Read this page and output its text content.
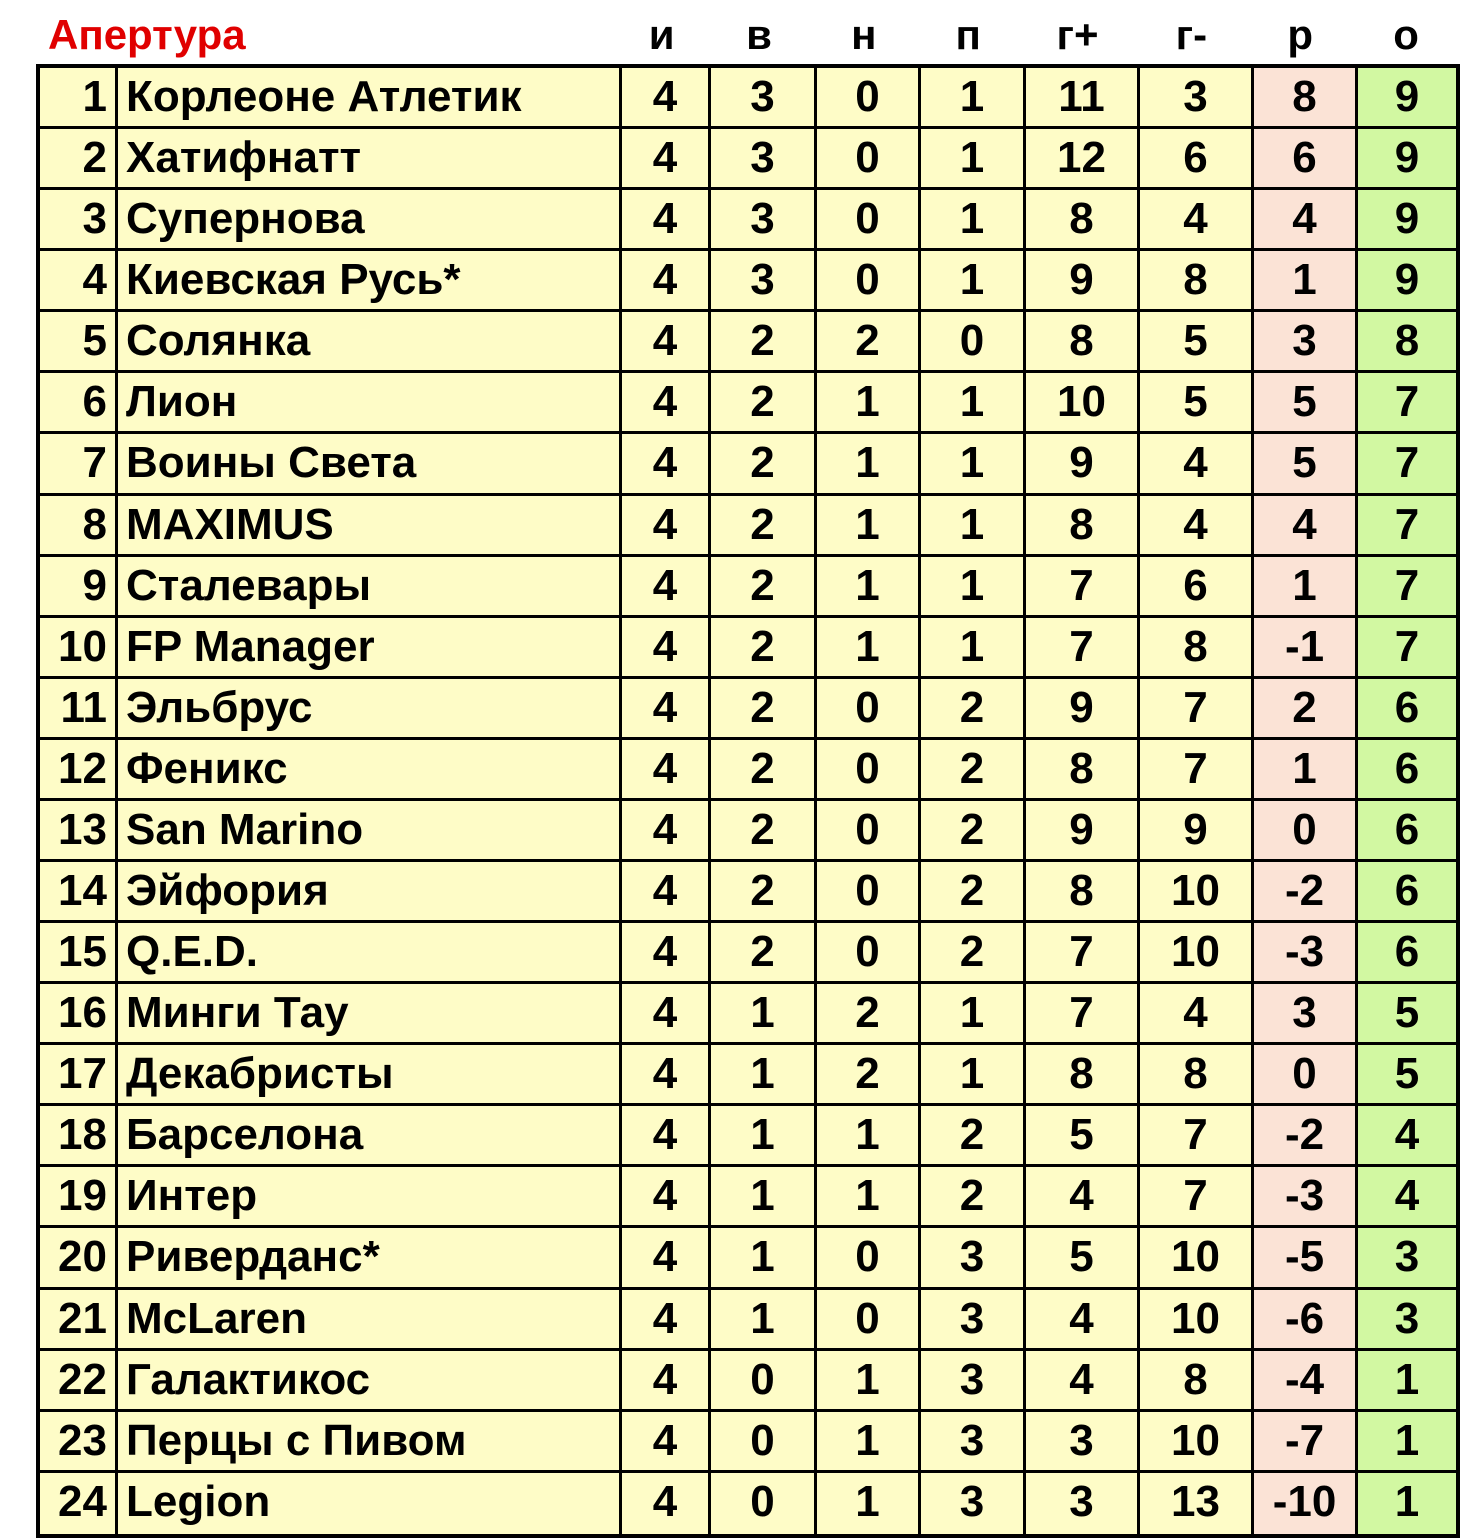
Апертура	и	в	н	п	г+	г-	р	о
1 Корлеоне Атлетик	4	3	0	1	11	3	8	9
2 Хатифнатт	4	3	0	1	12	6	6	9
3 Супернова	4	3	0	1	8	4	4	9
4 Киевская Русь*	4	3	0	1	9	8	1	9
5 Солянка	4	2	2	0	8	5	3	8
6 Лион	4	2	1	1	10	5	5	7
7 Воины Света	4	2	1	1	9	4	5	7
8 MAXIMUS	4	2	1	1	8	4	4	7
9 Сталевары	4	2	1	1	7	6	1	7
10 FP Manager	4	2	1	1	7	8	-1	7
11 Эльбрус	4	2	0	2	9	7	2	6
12 Феникс	4	2	0	2	8	7	1	6
13 San Marino	4	2	0	2	9	9	0	6
14 Эйфория	4	2	0	2	8	10	-2	6
15 Q.E.D.	4	2	0	2	7	10	-3	6
16 Минги Тау	4	1	2	1	7	4	3	5
17 Декабристы	4	1	2	1	8	8	0	5
18 Барселона	4	1	1	2	5	7	-2	4
19 Интер	4	1	1	2	4	7	-3	4
20 Риверданс*	4	1	0	3	5	10	-5	3
21 McLaren	4	1	0	3	4	10	-6	3
22 Галактикос	4	0	1	3	4	8	-4	1
23 Перцы с Пивом	4	0	1	3	3	10	-7	1
24 Legion	4	0	1	3	3	13	-10	1
